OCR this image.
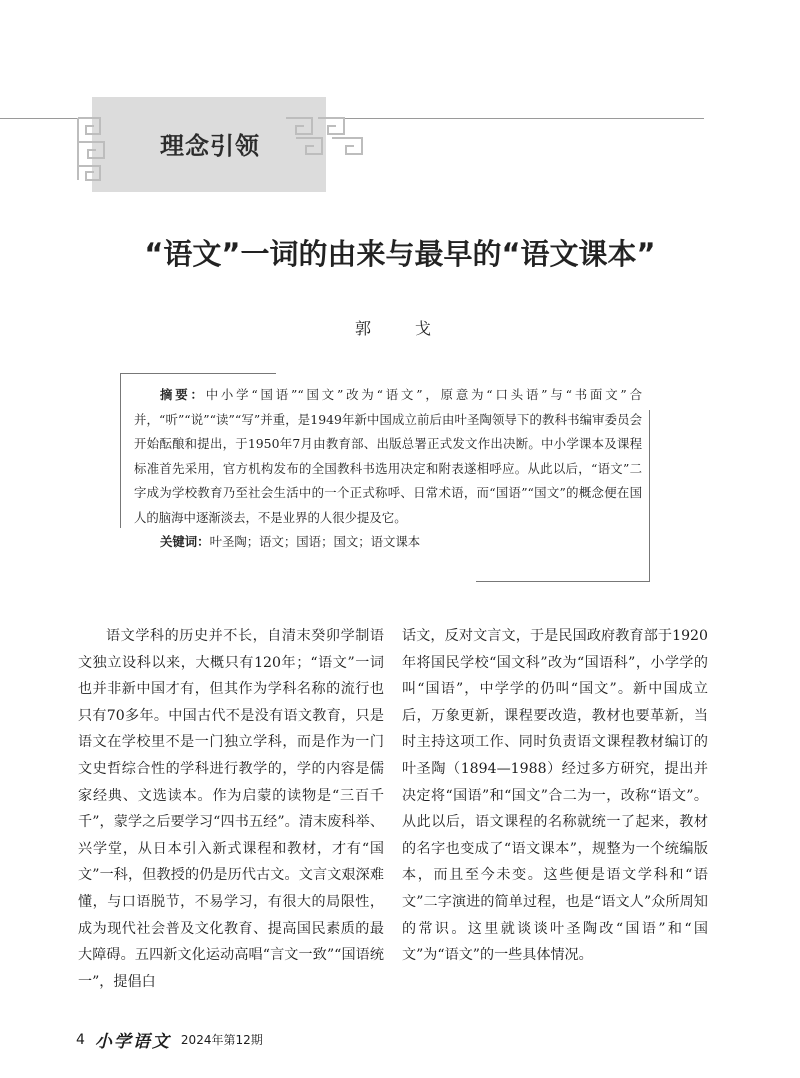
理念引领
“语文”一词的由来与最早的“语文课本”
郭　戈

摘要：中小学“国语”“国文”改为“语文”，原意为“口头语”与“书面文”合并，“听”“说”“读”“写”并重，是1949年新中国成立前后由叶圣陶领导下的教科书编审委员会开始酝酿和提出，于1950年7月由教育部、出版总署正式发文作出决断。中小学课本及课程标准首先采用，官方机构发布的全国教科书选用决定和附表遂相呼应。从此以后，“语文”二字成为学校教育乃至社会生活中的一个正式称呼、日常术语，而“国语”“国文”的概念便在国人的脑海中逐渐淡去，不是业界的人很少提及它。

关键词：叶圣陶；语文；国语；国文；语文课本

语文学科的历史并不长，自清末癸卯学制语文独立设科以来，大概只有120年；“语文”一词也并非新中国才有，但其作为学科名称的流行也只有70多年。中国古代不是没有语文教育，只是语文在学校里不是一门独立学科，而是作为一门文史哲综合性的学科进行教学的，学的内容是儒家经典、文选读本。作为启蒙的读物是“三百千千”，蒙学之后要学习“四书五经”。清末废科举、兴学堂，从日本引入新式课程和教材，才有“国文”一科，但教授的仍是历代古文。文言文艰深难懂，与口语脱节，不易学习，有很大的局限性，成为现代社会普及文化教育、提高国民素质的最大障碍。五四新文化运动高唱“言文一致”“国语统一”，提倡白

话文，反对文言文，于是民国政府教育部于1920年将国民学校“国文科”改为“国语科”，小学学的叫“国语”，中学学的仍叫“国文”。新中国成立后，万象更新，课程要改造，教材也要革新，当时主持这项工作、同时负责语文课程教材编订的叶圣陶（1894—1988）经过多方研究，提出并决定将“国语”和“国文”合二为一，改称“语文”。从此以后，语文课程的名称就统一了起来，教材的名字也变成了“语文课本”，规整为一个统编版本，而且至今未变。这些便是语文学科和“语文”二字演进的简单过程，也是“语文人”众所周知的常识。这里就谈谈叶圣陶改“国语”和“国文”为“语文”的一些具体情况。

4 小学语文 2024年第12期
